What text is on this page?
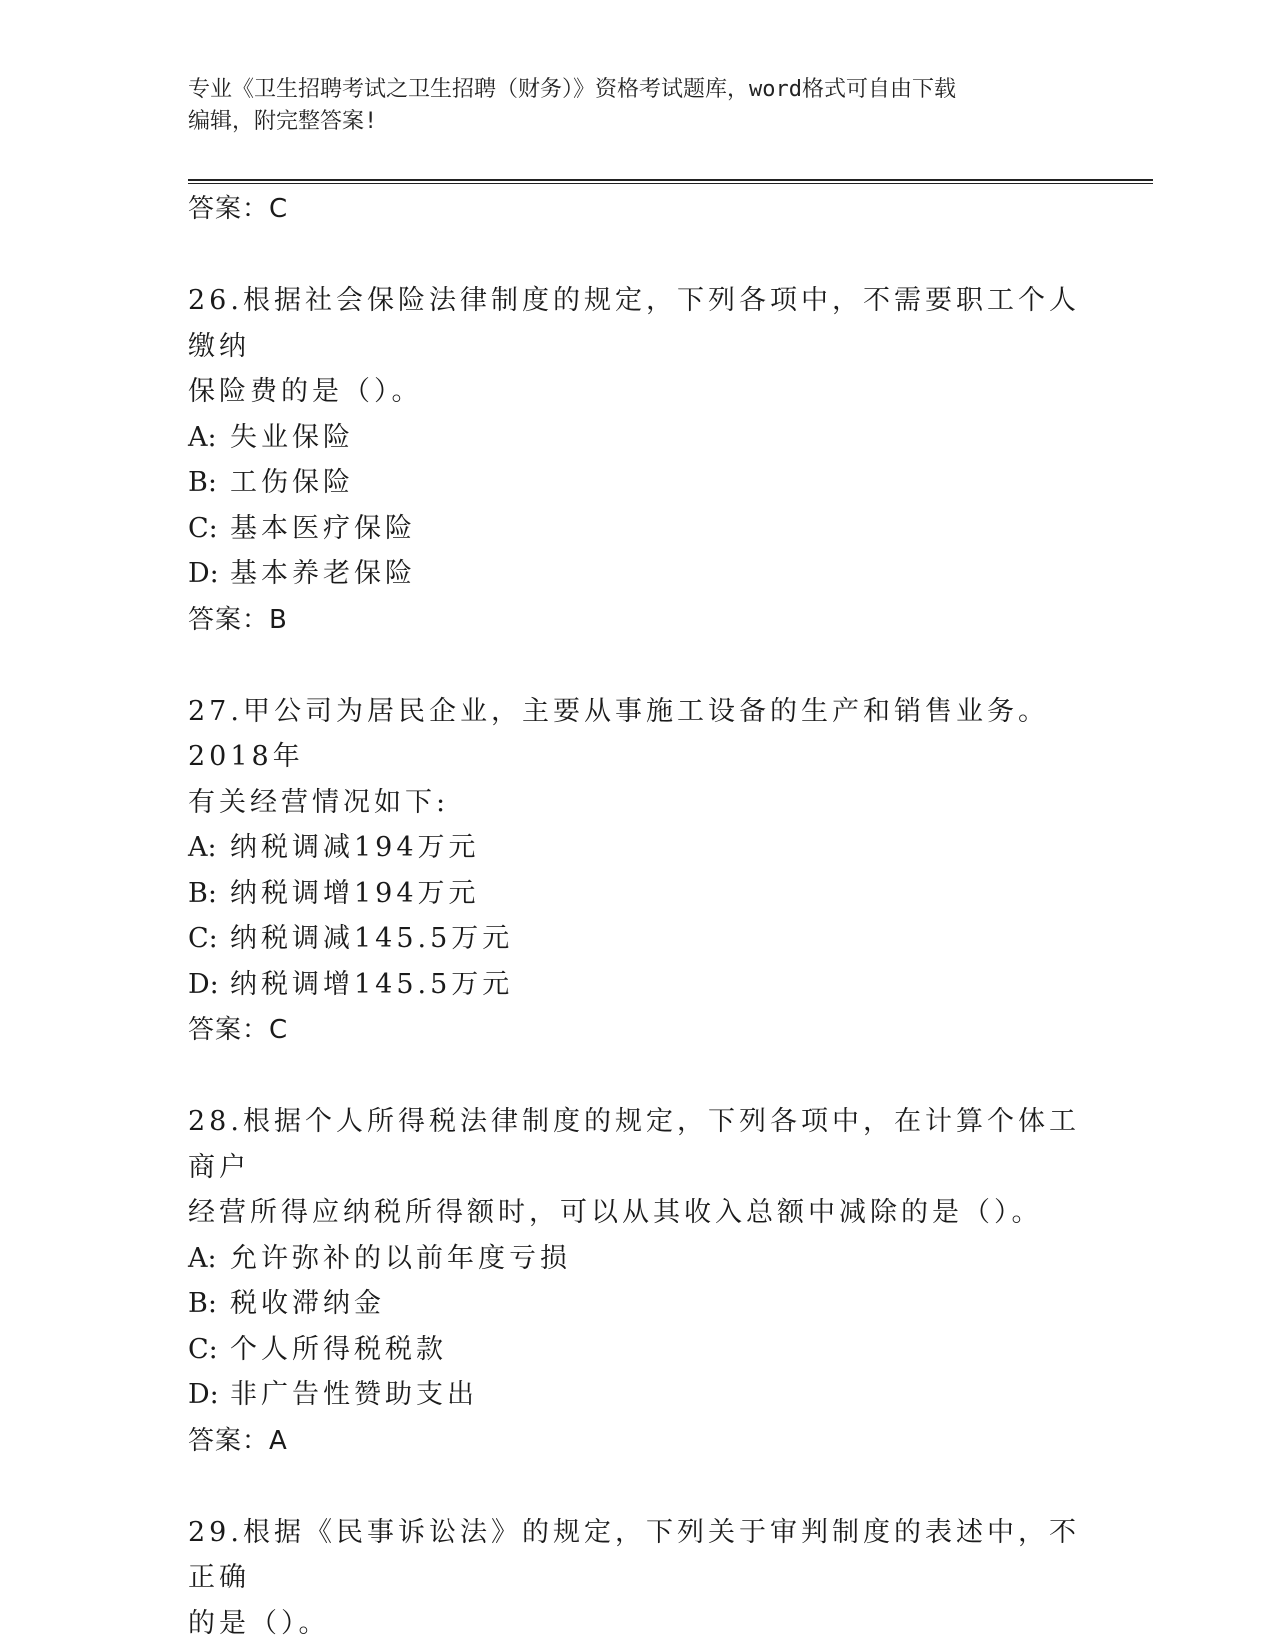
专业《卫生招聘考试之卫生招聘（财务）》资格考试题库，word格式可自由下载
编辑，附完整答案!
答案：C
26.根据社会保险法律制度的规定，下列各项中，不需要职工个人缴纳
保险费的是（）。
A: 失业保险
B: 工伤保险
C: 基本医疗保险
D: 基本养老保险
答案：B
27.甲公司为居民企业，主要从事施工设备的生产和销售业务。2018年
有关经营情况如下:
A: 纳税调减194万元
B: 纳税调增194万元
C: 纳税调减145.5万元
D: 纳税调增145.5万元
答案：C
28.根据个人所得税法律制度的规定，下列各项中，在计算个体工商户
经营所得应纳税所得额时，可以从其收入总额中减除的是（）。
A: 允许弥补的以前年度亏损
B: 税收滞纳金
C: 个人所得税税款
D: 非广告性赞助支出
答案：A
29.根据《民事诉讼法》的规定，下列关于审判制度的表述中，不正确
的是（）。
